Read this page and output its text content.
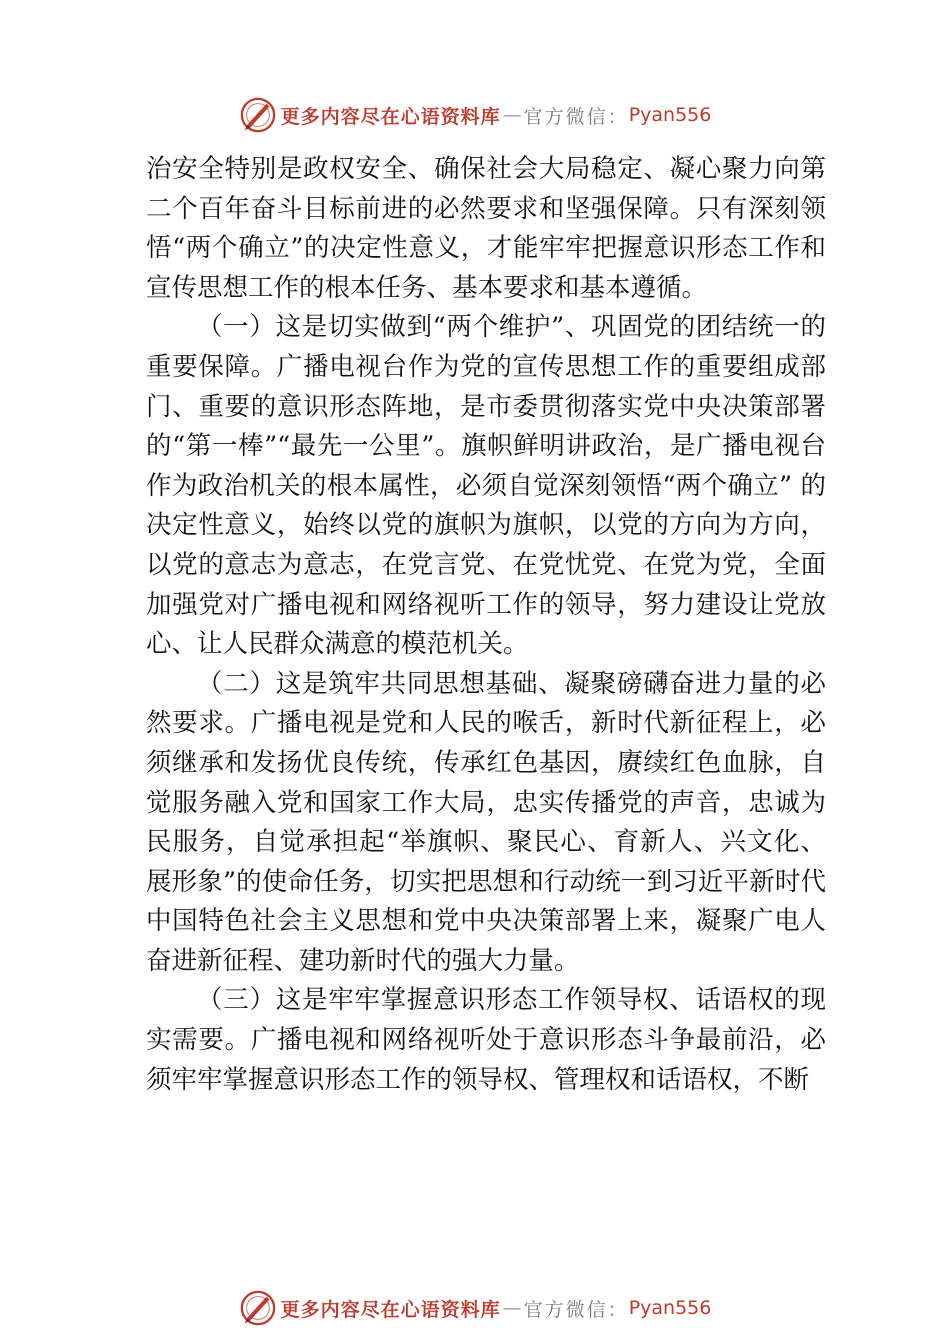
更多内容尽在心语资料库 — 官方微信： Pyan556

治安全特别是政权安全、确保社会大局稳定、凝心聚力向第二个百年奋斗目标前进的必然要求和坚强保障。只有深刻领悟“两个确立”的决定性意义，才能牢牢把握意识形态工作和宣传思想工作的根本任务、基本要求和基本遵循。

（一）这是切实做到“两个维护”、巩固党的团结统一的重要保障。广播电视台作为党的宣传思想工作的重要组成部门、重要的意识形态阵地，是市委贯彻落实党中央决策部署的“第一棒”“最先一公里”。旗帜鲜明讲政治，是广播电视台作为政治机关的根本属性，必须自觉深刻领悟“两个确立” 的决定性意义，始终以党的旗帜为旗帜，以党的方向为方向， 以党的意志为意志，在党言党、在党忧党、在党为党，全面加强党对广播电视和网络视听工作的领导，努力建设让党放心、让人民群众满意的模范机关。

（二）这是筑牢共同思想基础、凝聚磅礴奋进力量的必然要求。广播电视是党和人民的喉舌，新时代新征程上，必须继承和发扬优良传统，传承红色基因，赓续红色血脉，自觉服务融入党和国家工作大局，忠实传播党的声音，忠诚为民服务，自觉承担起“举旗帜、聚民心、育新人、兴文化、 展形象”的使命任务，切实把思想和行动统一到习近平新时代中国特色社会主义思想和党中央决策部署上来，凝聚广电人奋进新征程、建功新时代的强大力量。

（三）这是牢牢掌握意识形态工作领导权、话语权的现实需要。广播电视和网络视听处于意识形态斗争最前沿，必须牢牢掌握意识形态工作的领导权、管理权和话语权，不断

更多内容尽在心语资料库 — 官方微信： Pyan556
